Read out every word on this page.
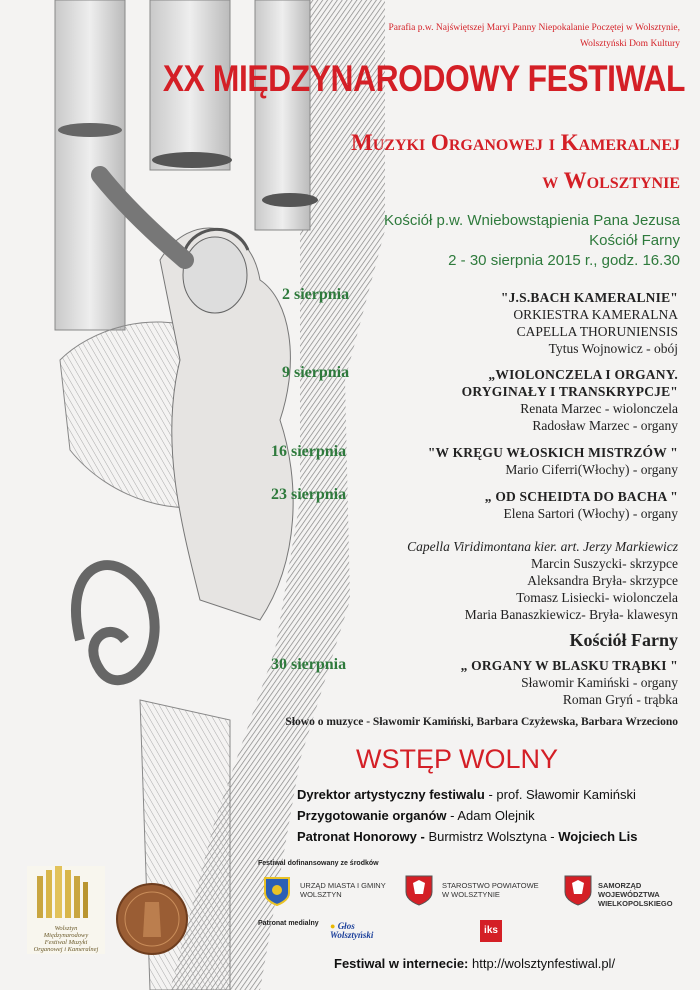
Parafia p.w. Najświętszej Maryi Panny Niepokalanie Poczętej w Wolsztynie,
Wolsztyński Dom Kultury
XX MIĘDZYNARODOWY FESTIWAL
Muzyki Organowej i Kameralnej
w Wolsztynie
Kościół p.w. Wniebowstąpienia Pana Jezusa
Kościół Farny
2 - 30 sierpnia 2015 r., godz. 16.30
2 sierpnia	"J.S.BACH KAMERALNIE"
ORKIESTRA KAMERALNA
CAPELLA THORUNIENSIS
Tytus Wojnowicz - obój
9 sierpnia	„WIOLONCZELA I ORGANY.
ORYGINAŁY I TRANSKRYPCJE"
Renata Marzec - wiolonczela
Radosław Marzec - organy
16 sierpnia	"W KRĘGU WŁOSKICH MISTRZÓW "
Mario Ciferri(Włochy) - organy
23 sierpnia	„ OD SCHEIDTA DO BACHA "
Elena Sartori (Włochy) - organy
Capella Viridimontana kier. art. Jerzy Markiewicz
Marcin Suszycki- skrzypce
Aleksandra Bryła- skrzypce
Tomasz Lisiecki- wiolonczela
Maria Banaszkiewicz- Bryła- klawesyn
Kościół Farny
30 sierpnia	„ ORGANY W BLASKU TRĄBKI "
Sławomir Kamiński - organy
Roman Gryń - trąbka
Słowo o muzyce - Sławomir Kamiński, Barbara Czyżewska, Barbara Wrzeciono
WSTĘP WOLNY
Dyrektor artystyczny festiwalu - prof. Sławomir Kamiński
Przygotowanie organów - Adam Olejnik
Patronat Honorowy - Burmistrz Wolsztyna - Wojciech Lis
Festiwal dofinansowany ze środków
URZĄD MIASTA I GMINY
WOLSZTYN
STAROSTWO POWIATOWE
W WOLSZTYNIE
SAMORZĄD WOJEWÓDZTWA
WIELKOPOLSKIEGO
Patronat medialny ● Głos Wolsztyński	iks
Wolsztyn
Międzynarodowy
Festiwal Muzyki
Organowej i Kameralnej
Festiwal w internecie: http://wolsztynfestiwal.pl/
